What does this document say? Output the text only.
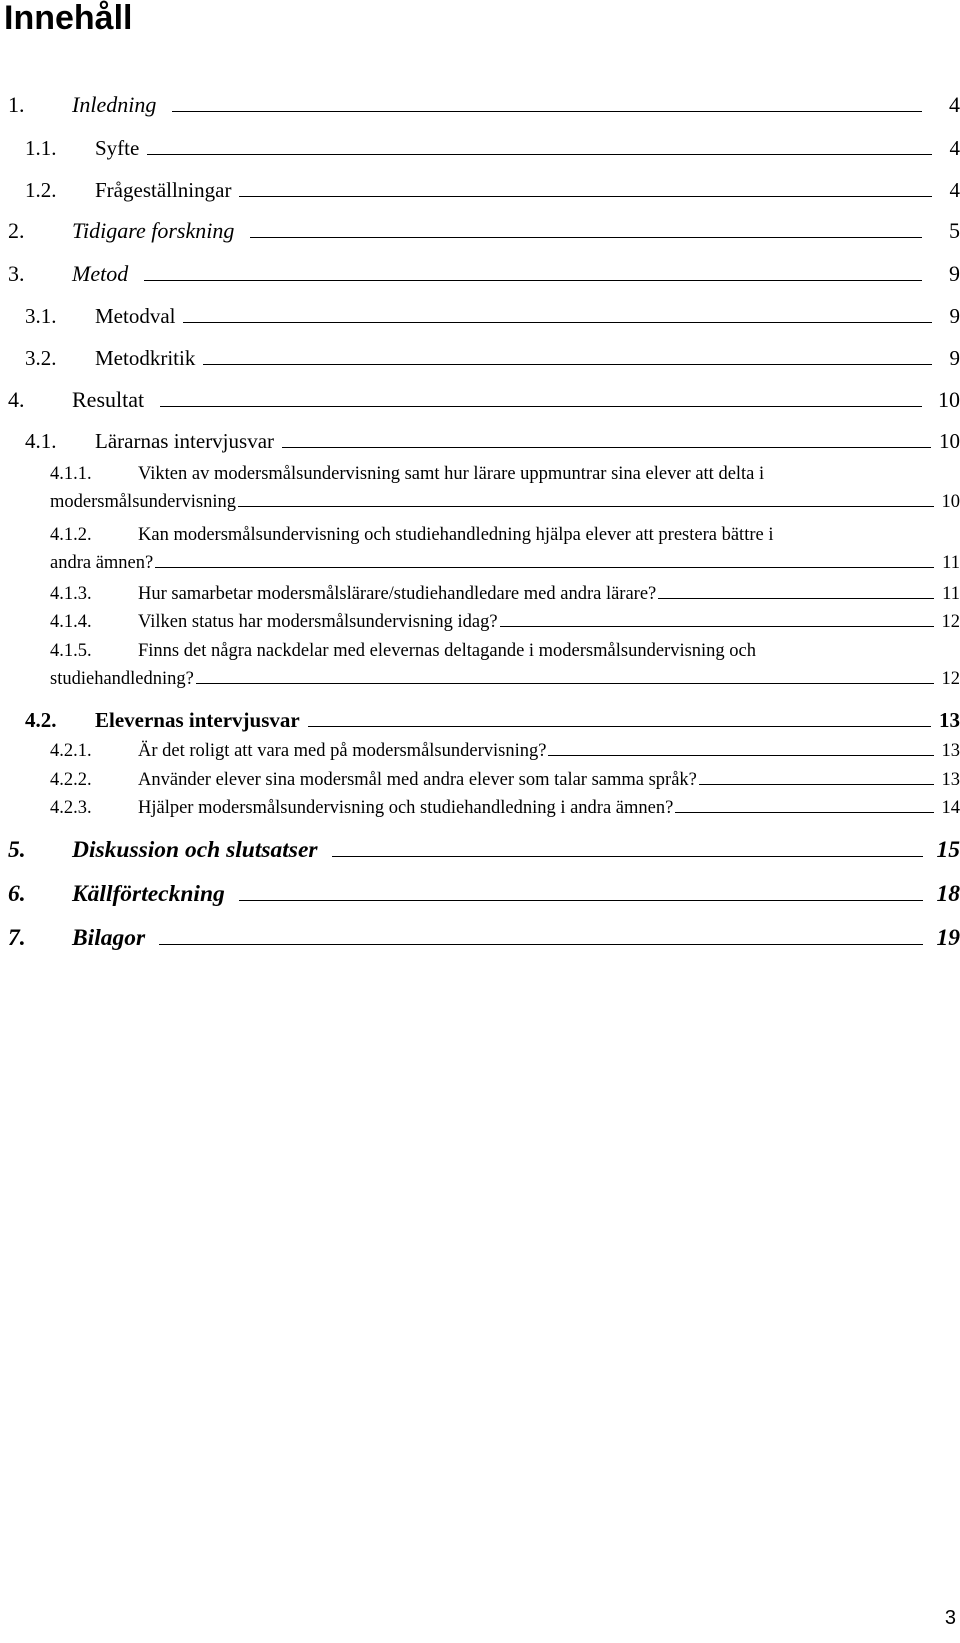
Innehåll
1.	Inledning	4
1.1.	Syfte	4
1.2.	Frågeställningar	4
2.	Tidigare forskning	5
3.	Metod	9
3.1.	Metodval	9
3.2.	Metodkritik	9
4.	Resultat	10
4.1.	Lärarnas intervjusvar	10
4.1.1.	Vikten av modersmålsundervisning samt hur lärare uppmuntrar sina elever att delta i
modersmålsundervisning	10
4.1.2.	Kan modersmålsundervisning och studiehandledning hjälpa elever att prestera bättre i
andra ämnen?	11
4.1.3.	Hur samarbetar modersmålslärare/studiehandledare med andra lärare?	11
4.1.4.	Vilken status har modersmålsundervisning idag?	12
4.1.5.	Finns det några nackdelar med elevernas deltagande i modersmålsundervisning och
studiehandledning?	12
4.2.	Elevernas intervjusvar	13
4.2.1.	Är det roligt att vara med på modersmålsundervisning?	13
4.2.2.	Använder elever sina modersmål med andra elever som talar samma språk?	13
4.2.3.	Hjälper modersmålsundervisning och studiehandledning i andra ämnen?	14
5.	Diskussion och slutsatser	15
6.	Källförteckning	18
7.	Bilagor	19
3
